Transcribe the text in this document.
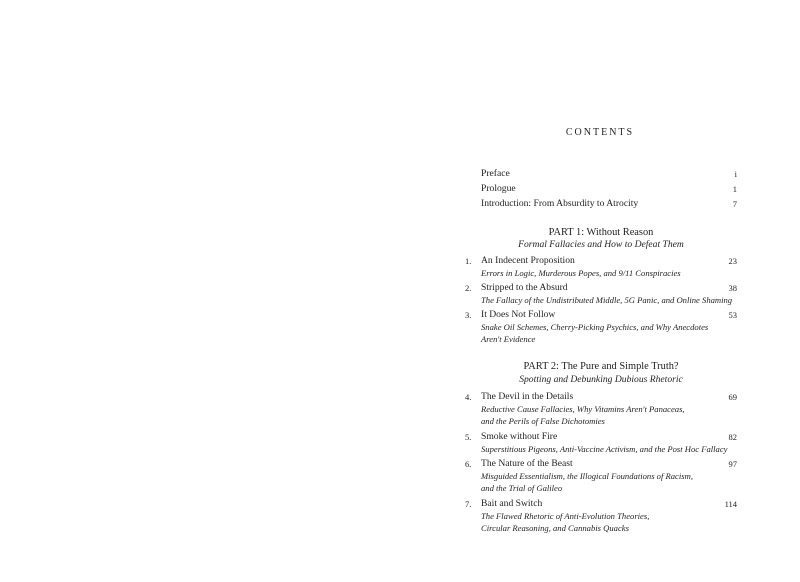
CONTENTS
Preface	i
Prologue	1
Introduction: From Absurdity to Atrocity	7
PART 1: Without Reason
Formal Fallacies and How to Defeat Them
1. An Indecent Proposition	23
Errors in Logic, Murderous Popes, and 9/11 Conspiracies
2. Stripped to the Absurd	38
The Fallacy of the Undistributed Middle, 5G Panic, and Online Shaming
3. It Does Not Follow	53
Snake Oil Schemes, Cherry-Picking Psychics, and Why Anecdotes
Aren't Evidence
PART 2: The Pure and Simple Truth?
Spotting and Debunking Dubious Rhetoric
4. The Devil in the Details	69
Reductive Cause Fallacies, Why Vitamins Aren't Panaceas,
and the Perils of False Dichotomies
5. Smoke without Fire	82
Superstitious Pigeons, Anti-Vaccine Activism, and the Post Hoc Fallacy
6. The Nature of the Beast	97
Misguided Essentialism, the Illogical Foundations of Racism,
and the Trial of Galileo
7. Bait and Switch	114
The Flawed Rhetoric of Anti-Evolution Theories,
Circular Reasoning, and Cannabis Quacks
